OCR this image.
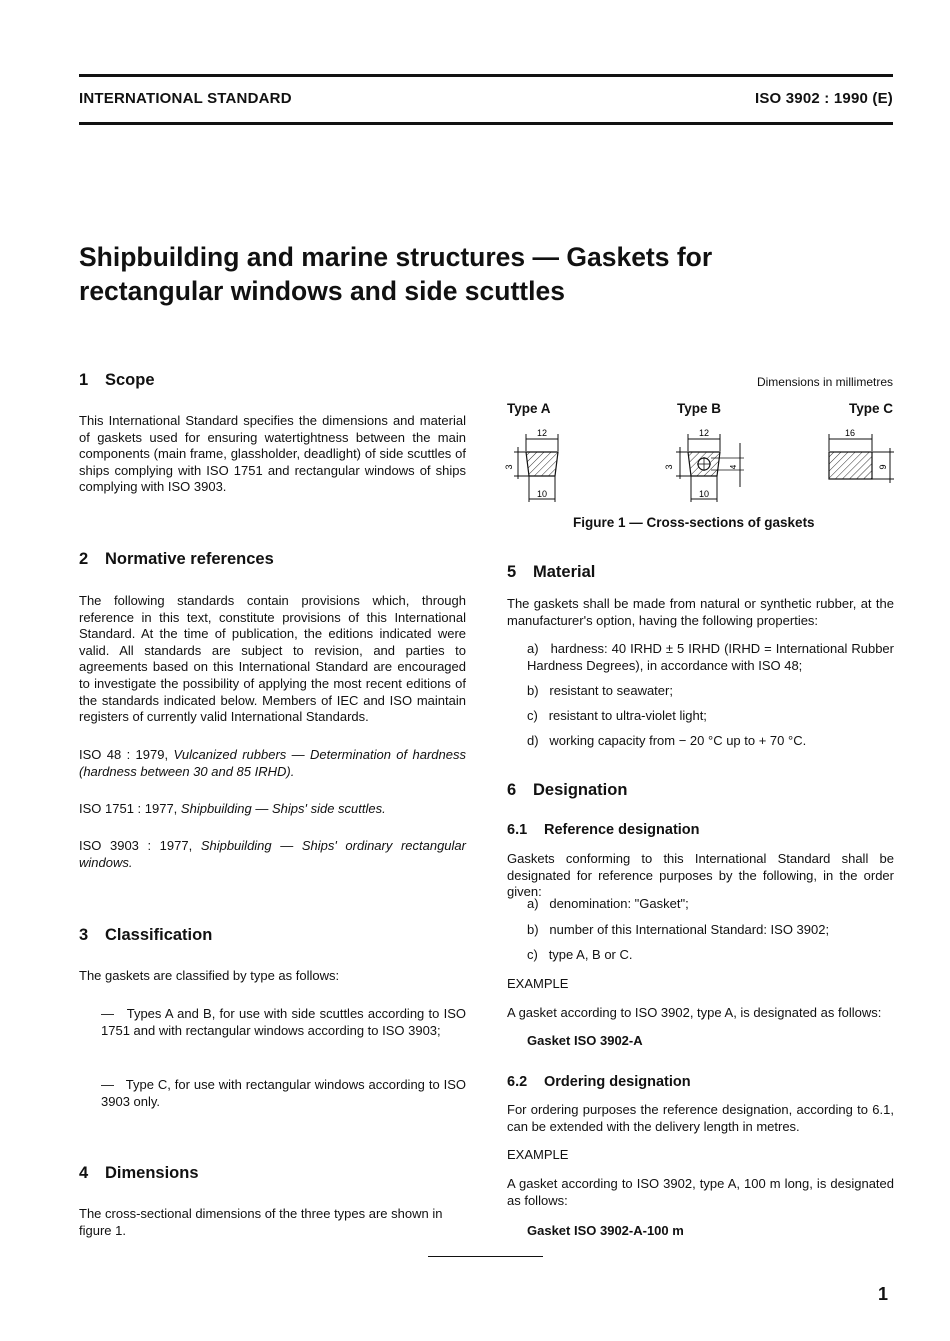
INTERNATIONAL STANDARD	ISO 3902 : 1990 (E)
Shipbuilding and marine structures — Gaskets for
rectangular windows and side scuttles
1 Scope
This International Standard specifies the dimensions and material of gaskets used for ensuring watertightness between the main components (main frame, glassholder, deadlight) of side scuttles of ships complying with ISO 1751 and rectangular windows of ships complying with ISO 3903.
2 Normative references
The following standards contain provisions which, through reference in this text, constitute provisions of this International Standard. At the time of publication, the editions indicated were valid. All standards are subject to revision, and parties to agreements based on this International Standard are encouraged to investigate the possibility of applying the most recent editions of the standards indicated below. Members of IEC and ISO maintain registers of currently valid International Standards.
ISO 48 : 1979, Vulcanized rubbers — Determination of hardness (hardness between 30 and 85 IRHD).
ISO 1751 : 1977, Shipbuilding — Ships' side scuttles.
ISO 3903 : 1977, Shipbuilding — Ships' ordinary rectangular windows.
3 Classification
The gaskets are classified by type as follows:
— Types A and B, for use with side scuttles according to ISO 1751 and with rectangular windows according to ISO 3903;
— Type C, for use with rectangular windows according to ISO 3903 only.
4 Dimensions
The cross-sectional dimensions of the three types are shown in figure 1.
Dimensions in millimetres
Type A	Type B	Type C
12
10
3
12
10
3	4
16
9
Figure 1 — Cross-sections of gaskets
5 Material
The gaskets shall be made from natural or synthetic rubber, at the manufacturer's option, having the following properties:
a) hardness: 40 IRHD ± 5 IRHD (IRHD = International Rubber Hardness Degrees), in accordance with ISO 48;
b) resistant to seawater;
c) resistant to ultra-violet light;
d) working capacity from − 20 °C up to + 70 °C.
6 Designation
6.1 Reference designation
Gaskets conforming to this International Standard shall be designated for reference purposes by the following, in the order given:
a) denomination: "Gasket";
b) number of this International Standard: ISO 3902;
c) type A, B or C.
EXAMPLE
A gasket according to ISO 3902, type A, is designated as follows:
Gasket ISO 3902-A
6.2 Ordering designation
For ordering purposes the reference designation, according to 6.1, can be extended with the delivery length in metres.
EXAMPLE
A gasket according to ISO 3902, type A, 100 m long, is designated as follows:
Gasket ISO 3902-A-100 m
1
